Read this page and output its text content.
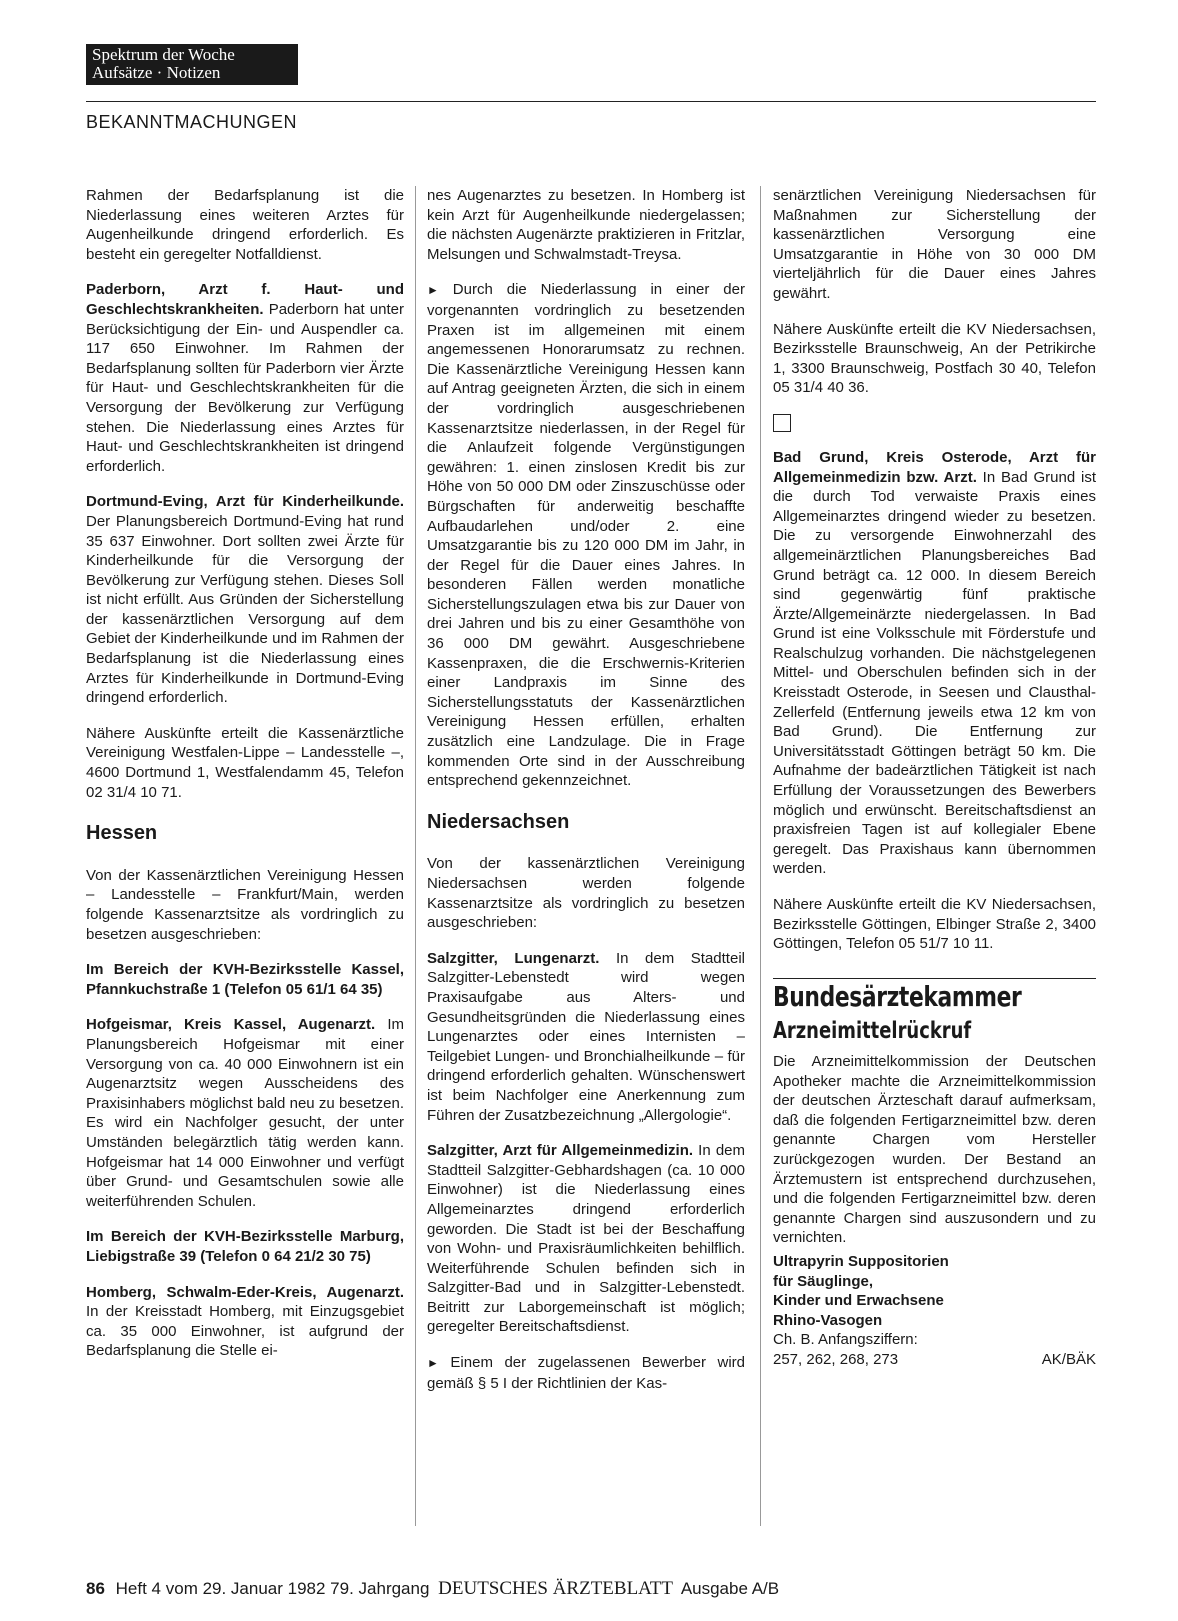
Spektrum der Woche
Aufsätze · Notizen
BEKANNTMACHUNGEN

Rahmen der Bedarfsplanung ist die Niederlassung eines weiteren Arztes für Augenheilkunde dringend erforderlich. Es besteht ein geregelter Notfalldienst.

Paderborn, Arzt f. Haut- und Geschlechtskrankheiten. Paderborn hat unter Berücksichtigung der Ein- und Auspendler ca. 117 650 Einwohner. Im Rahmen der Bedarfsplanung sollten für Paderborn vier Ärzte für Haut- und Geschlechtskrankheiten für die Versorgung der Bevölkerung zur Verfügung stehen. Die Niederlassung eines Arztes für Haut- und Geschlechtskrankheiten ist dringend erforderlich.

Dortmund-Eving, Arzt für Kinderheilkunde. Der Planungsbereich Dortmund-Eving hat rund 35 637 Einwohner. Dort sollten zwei Ärzte für Kinderheilkunde für die Versorgung der Bevölkerung zur Verfügung stehen. Dieses Soll ist nicht erfüllt. Aus Gründen der Sicherstellung der kassenärztlichen Versorgung auf dem Gebiet der Kinderheilkunde und im Rahmen der Bedarfsplanung ist die Niederlassung eines Arztes für Kinderheilkunde in Dortmund-Eving dringend erforderlich.

Nähere Auskünfte erteilt die Kassenärztliche Vereinigung Westfalen-Lippe – Landesstelle –, 4600 Dortmund 1, Westfalendamm 45, Telefon 02 31/4 10 71.

Hessen

Von der Kassenärztlichen Vereinigung Hessen – Landesstelle – Frankfurt/Main, werden folgende Kassenarztsitze als vordringlich zu besetzen ausgeschrieben:

Im Bereich der KVH-Bezirksstelle Kassel, Pfannkuchstraße 1 (Telefon 05 61/1 64 35)

Hofgeismar, Kreis Kassel, Augenarzt. Im Planungsbereich Hofgeismar mit einer Versorgung von ca. 40 000 Einwohnern ist ein Augenarztsitz wegen Ausscheidens des Praxisinhabers möglichst bald neu zu besetzen. Es wird ein Nachfolger gesucht, der unter Umständen belegärztlich tätig werden kann. Hofgeismar hat 14 000 Einwohner und verfügt über Grund- und Gesamtschulen sowie alle weiterführenden Schulen.

Im Bereich der KVH-Bezirksstelle Marburg, Liebigstraße 39 (Telefon 0 64 21/2 30 75)

Homberg, Schwalm-Eder-Kreis, Augenarzt. In der Kreisstadt Homberg, mit Einzugsgebiet ca. 35 000 Einwohner, ist aufgrund der Bedarfsplanung die Stelle ei-

nes Augenarztes zu besetzen. In Homberg ist kein Arzt für Augenheilkunde niedergelassen; die nächsten Augenärzte praktizieren in Fritzlar, Melsungen und Schwalmstadt-Treysa.

► Durch die Niederlassung in einer der vorgenannten vordringlich zu besetzenden Praxen ist im allgemeinen mit einem angemessenen Honorarumsatz zu rechnen. Die Kassenärztliche Vereinigung Hessen kann auf Antrag geeigneten Ärzten, die sich in einem der vordringlich ausgeschriebenen Kassenarztsitze niederlassen, in der Regel für die Anlaufzeit folgende Vergünstigungen gewähren: 1. einen zinslosen Kredit bis zur Höhe von 50 000 DM oder Zinszuschüsse oder Bürgschaften für anderweitig beschaffte Aufbaudarlehen und/oder 2. eine Umsatzgarantie bis zu 120 000 DM im Jahr, in der Regel für die Dauer eines Jahres. In besonderen Fällen werden monatliche Sicherstellungszulagen etwa bis zur Dauer von drei Jahren und bis zu einer Gesamthöhe von 36 000 DM gewährt. Ausgeschriebene Kassenpraxen, die die Erschwernis-Kriterien einer Landpraxis im Sinne des Sicherstellungsstatuts der Kassenärztlichen Vereinigung Hessen erfüllen, erhalten zusätzlich eine Landzulage. Die in Frage kommenden Orte sind in der Ausschreibung entsprechend gekennzeichnet.

Niedersachsen

Von der kassenärztlichen Vereinigung Niedersachsen werden folgende Kassenarztsitze als vordringlich zu besetzen ausgeschrieben:

Salzgitter, Lungenarzt. In dem Stadtteil Salzgitter-Lebenstedt wird wegen Praxisaufgabe aus Alters- und Gesundheitsgründen die Niederlassung eines Lungenarztes oder eines Internisten – Teilgebiet Lungen- und Bronchialheilkunde – für dringend erforderlich gehalten. Wünschenswert ist beim Nachfolger eine Anerkennung zum Führen der Zusatzbezeichnung „Allergologie“.

Salzgitter, Arzt für Allgemeinmedizin. In dem Stadtteil Salzgitter-Gebhardshagen (ca. 10 000 Einwohner) ist die Niederlassung eines Allgemeinarztes dringend erforderlich geworden. Die Stadt ist bei der Beschaffung von Wohn- und Praxisräumlichkeiten behilflich. Weiterführende Schulen befinden sich in Salzgitter-Bad und in Salzgitter-Lebenstedt. Beitritt zur Laborgemeinschaft ist möglich; geregelter Bereitschaftsdienst.

► Einem der zugelassenen Bewerber wird gemäß § 5 I der Richtlinien der Kas-

senärztlichen Vereinigung Niedersachsen für Maßnahmen zur Sicherstellung der kassenärztlichen Versorgung eine Umsatzgarantie in Höhe von 30 000 DM vierteljährlich für die Dauer eines Jahres gewährt.

Nähere Auskünfte erteilt die KV Niedersachsen, Bezirksstelle Braunschweig, An der Petrikirche 1, 3300 Braunschweig, Postfach 30 40, Telefon 05 31/4 40 36.

Bad Grund, Kreis Osterode, Arzt für Allgemeinmedizin bzw. Arzt. In Bad Grund ist die durch Tod verwaiste Praxis eines Allgemeinarztes dringend wieder zu besetzen. Die zu versorgende Einwohnerzahl des allgemeinärztlichen Planungsbereiches Bad Grund beträgt ca. 12 000. In diesem Bereich sind gegenwärtig fünf praktische Ärzte/Allgemeinärzte niedergelassen. In Bad Grund ist eine Volksschule mit Förderstufe und Realschulzug vorhanden. Die nächstgelegenen Mittel- und Oberschulen befinden sich in der Kreisstadt Osterode, in Seesen und Clausthal-Zellerfeld (Entfernung jeweils etwa 12 km von Bad Grund). Die Entfernung zur Universitätsstadt Göttingen beträgt 50 km. Die Aufnahme der badeärztlichen Tätigkeit ist nach Erfüllung der Voraussetzungen des Bewerbers möglich und erwünscht. Bereitschaftsdienst an praxisfreien Tagen ist auf kollegialer Ebene geregelt. Das Praxishaus kann übernommen werden.

Nähere Auskünfte erteilt die KV Niedersachsen, Bezirksstelle Göttingen, Elbinger Straße 2, 3400 Göttingen, Telefon 05 51/7 10 11.

Bundesärztekammer
Arzneimittelrückruf

Die Arzneimittelkommission der Deutschen Apotheker machte die Arzneimittelkommission der deutschen Ärzteschaft darauf aufmerksam, daß die folgenden Fertigarzneimittel bzw. deren genannte Chargen vom Hersteller zurückgezogen wurden. Der Bestand an Ärztemustern ist entsprechend durchzusehen, und die folgenden Fertigarzneimittel bzw. deren genannte Chargen sind auszusondern und zu vernichten.

Ultrapyrin Suppositorien
für Säuglinge,
Kinder und Erwachsene
Rhino-Vasogen
Ch. B. Anfangsziffern:
257, 262, 268, 273	AK/BÄK
86 Heft 4 vom 29. Januar 1982 79. Jahrgang DEUTSCHES ÄRZTEBLATT Ausgabe A/B
